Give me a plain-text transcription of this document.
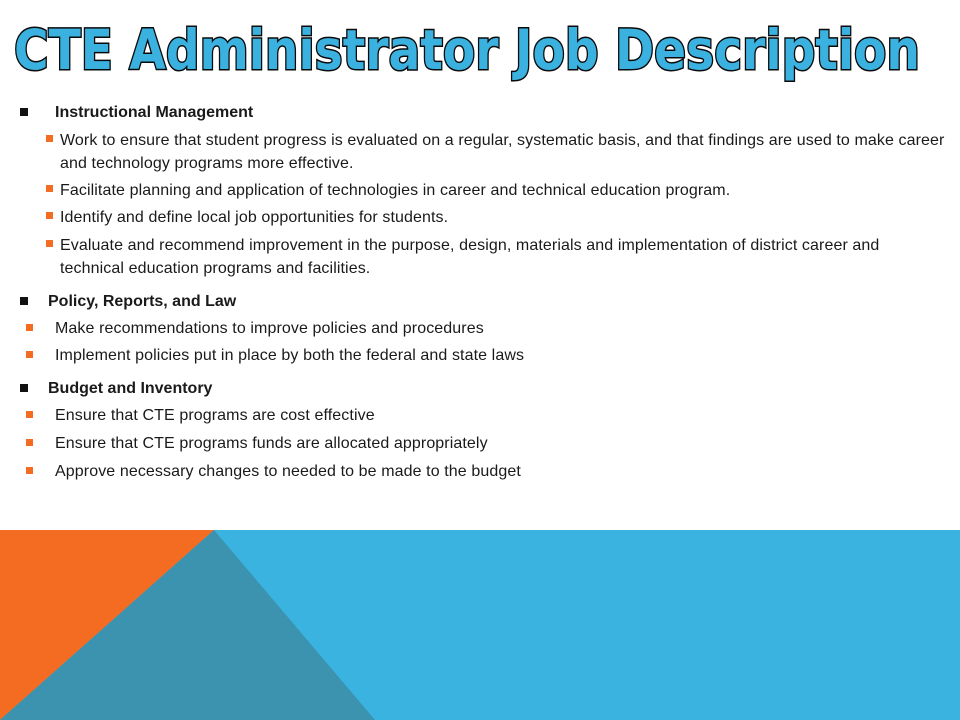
CTE Administrator Job Description
Instructional Management
Work to ensure that student progress is evaluated on a regular, systematic basis, and that findings are used to make career and technology programs more effective.
Facilitate planning and application of technologies in career and technical education program.
Identify and define local job opportunities for students.
Evaluate and recommend improvement in the purpose, design, materials and implementation of district career and technical education programs and facilities.
Policy, Reports, and Law
Make recommendations to improve policies and procedures
Implement policies put in place by both the federal and state laws
Budget and Inventory
Ensure that CTE programs are cost effective
Ensure that CTE programs funds are allocated appropriately
Approve necessary changes to needed to be made to the budget
